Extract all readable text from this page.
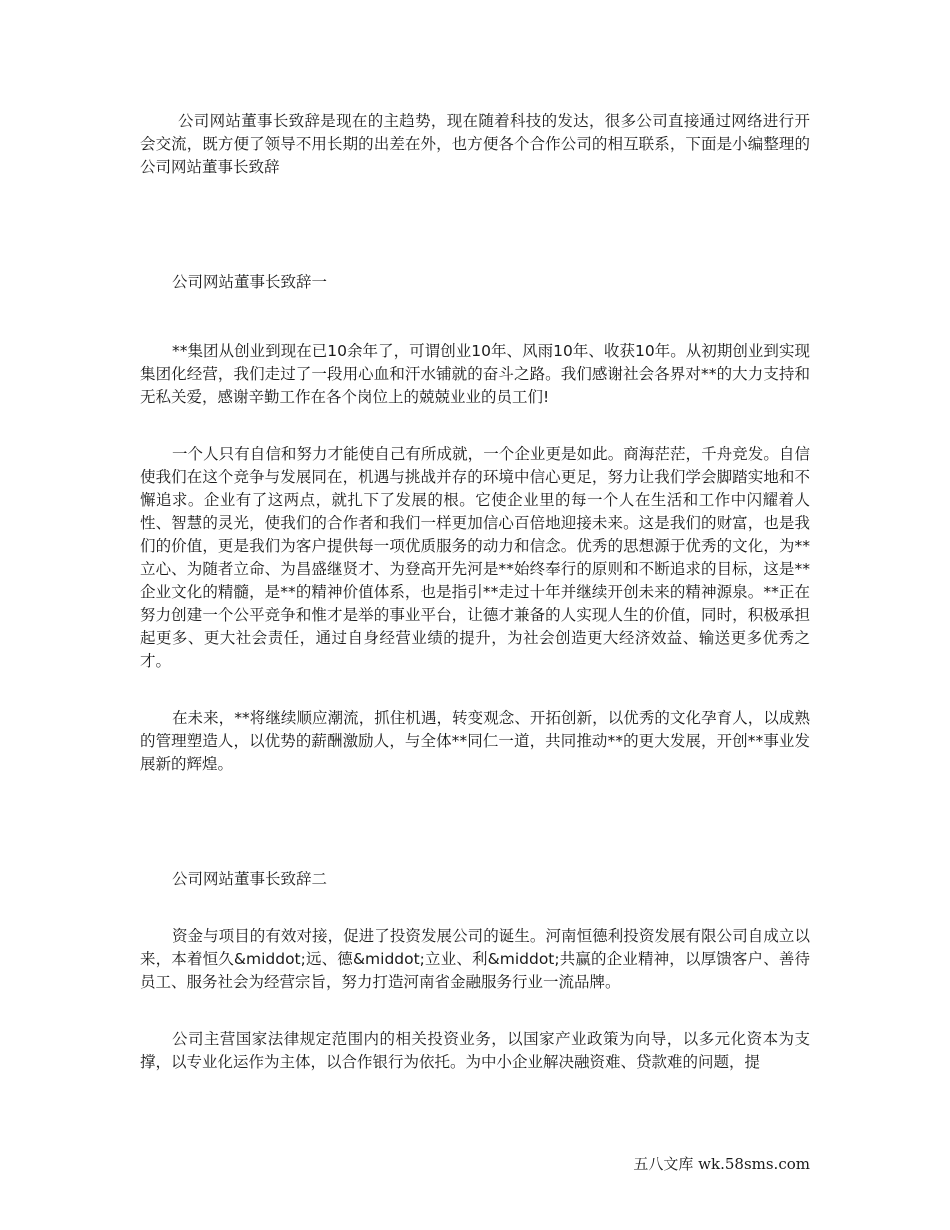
公司网站董事长致辞是现在的主趋势，现在随着科技的发达，很多公司直接通过网络进行开会交流，既方便了领导不用长期的出差在外，也方便各个合作公司的相互联系，下面是小编整理的公司网站董事长致辞

公司网站董事长致辞一

**集团从创业到现在已10余年了，可谓创业10年、风雨10年、收获10年。从初期创业到实现集团化经营，我们走过了一段用心血和汗水铺就的奋斗之路。我们感谢社会各界对**的大力支持和无私关爱，感谢辛勤工作在各个岗位上的兢兢业业的员工们!

一个人只有自信和努力才能使自己有所成就，一个企业更是如此。商海茫茫，千舟竞发。自信使我们在这个竞争与发展同在，机遇与挑战并存的环境中信心更足，努力让我们学会脚踏实地和不懈追求。企业有了这两点，就扎下了发展的根。它使企业里的每一个人在生活和工作中闪耀着人性、智慧的灵光，使我们的合作者和我们一样更加信心百倍地迎接未来。这是我们的财富，也是我们的价值，更是我们为客户提供每一项优质服务的动力和信念。优秀的思想源于优秀的文化，为**立心、为随者立命、为昌盛继贤才、为登高开先河是**始终奉行的原则和不断追求的目标，这是**企业文化的精髓，是**的精神价值体系，也是指引**走过十年并继续开创未来的精神源泉。**正在努力创建一个公平竞争和惟才是举的事业平台，让德才兼备的人实现人生的价值，同时，积极承担起更多、更大社会责任，通过自身经营业绩的提升，为社会创造更大经济效益、输送更多优秀之才。

在未来，**将继续顺应潮流，抓住机遇，转变观念、开拓创新，以优秀的文化孕育人，以成熟的管理塑造人，以优势的薪酬激励人，与全体**同仁一道，共同推动**的更大发展，开创**事业发展新的辉煌。

公司网站董事长致辞二

资金与项目的有效对接，促进了投资发展公司的诞生。河南恒德利投资发展有限公司自成立以来，本着恒久&middot;远、德&middot;立业、利&middot;共赢的企业精神，以厚馈客户、善待员工、服务社会为经营宗旨，努力打造河南省金融服务行业一流品牌。

公司主营国家法律规定范围内的相关投资业务，以国家产业政策为向导，以多元化资本为支撑，以专业化运作为主体，以合作银行为依托。为中小企业解决融资难、贷款难的问题，提

五八文库 wk.58sms.com
